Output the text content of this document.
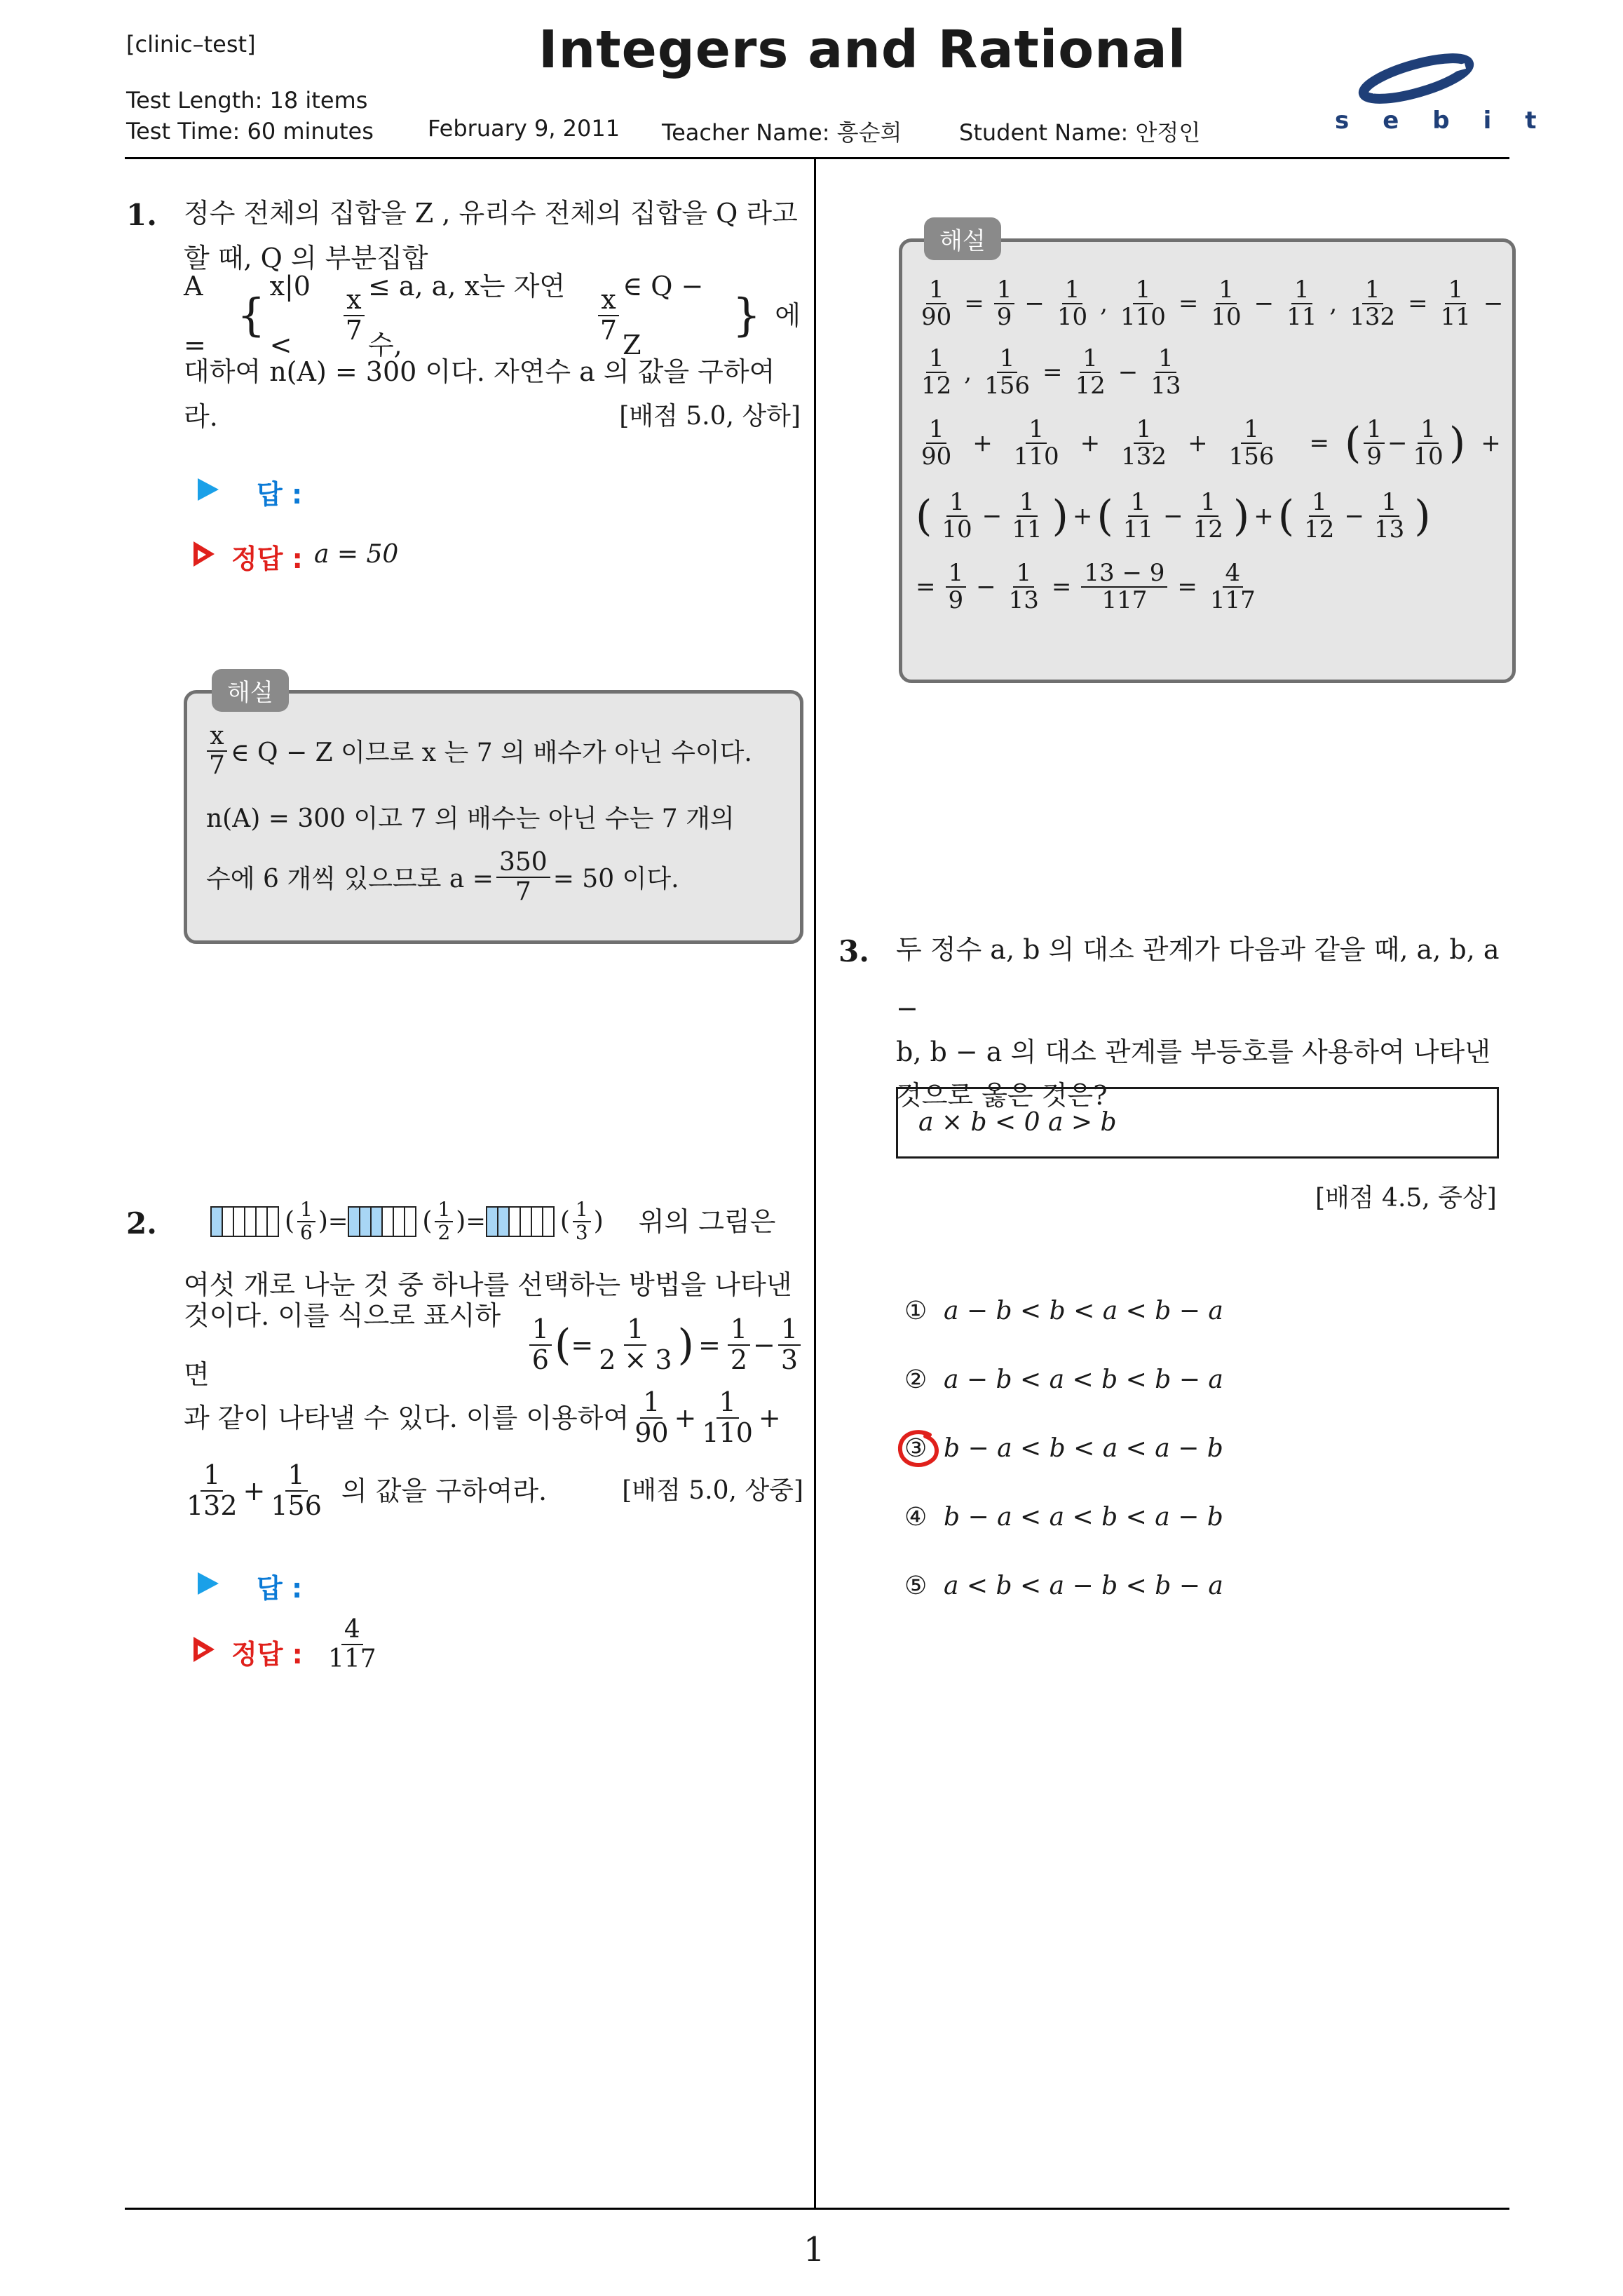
[clinic–test]	Integers and Rational
Test Length: 18 items
Test Time: 60 minutes February 9, 2011 Teacher Name: 흥순희	Student Name: 안정인	sebit
1
1. 정수 전체의 집합을 Z , 유리수 전체의 집합을 Q 라고
할 때, Q 의 부분집합
A =
{
x|0 <	$\frac{x}{7} \le a$, a, x는 자연수,	$\frac{x}{7}$ ∈ Q − Z
} 에
대하여 n(A) = 300 이다. 자연수 a 의 값을 구하여
라.	[배점 5.0, 상하]
답 :
정답 : a = 50
해설
$\frac{x}{7}$ ∈ Q − Z 이므로 x 는 7 의 배수가 아닌 수이다.
n(A) = 300 이고 7 의 배수는 아닌 수는 7 개의
수에 6 개씩 있으므로 $a = \frac{350}{7} = 50$ 이다.
2.	( $\frac{1}{6}$ ) =	( $\frac{1}{2}$ ) =	( $\frac{1}{3}$ ) 위의 그림은
여섯 개로 나눈 것 중 하나를 선택하는 방법을 나타낸
것이다. 이를 식으로 표시하면	$\frac{1}{6}$ ( = $\frac{1}{2 \times 3}$ ) = $\frac{1}{2} - \frac{1}{3}$
과 같이 나타낼 수 있다. 이를 이용하여 $\frac{1}{90} + \frac{1}{110}$ +
$\frac{1}{132} + \frac{1}{156}$ 의 값을 구하여라.	[배점 5.0, 상중]
답 :
정답 : $\frac{4}{117}$
해설
$\frac{1}{90} = \frac{1}{9} - \frac{1}{10}$ , $\frac{1}{110} = \frac{1}{10} - \frac{1}{11}$ , $\frac{1}{132} = \frac{1}{11}$ −
$\frac{1}{12}$ , $\frac{1}{156} = \frac{1}{12} - \frac{1}{13}$
$\frac{1}{90} + \frac{1}{110} + \frac{1}{132} + \frac{1}{156}$ = ( $\frac{1}{9} - \frac{1}{10}$ ) +
( $\frac{1}{10} - \frac{1}{11}$ ) + ( $\frac{1}{11} - \frac{1}{12}$ ) + ( $\frac{1}{12} - \frac{1}{13}$ )
= $\frac{1}{9} - \frac{1}{13} = \frac{13 - 9}{117} = \frac{4}{117}$
3. 두 정수 a, b 의 대소 관계가 다음과 같을 때, a, b, a −
b, b − a 의 대소 관계를 부등호를 사용하여 나타낸
것으로 옳은 것은?
a × b < 0 a > b
[배점 4.5, 중상]
① a − b < b < a < b − a
② a − b < a < b < b − a
③ b − a < b < a < a − b
④ b − a < a < b < a − b
⑤ a < b < a − b < b − a
